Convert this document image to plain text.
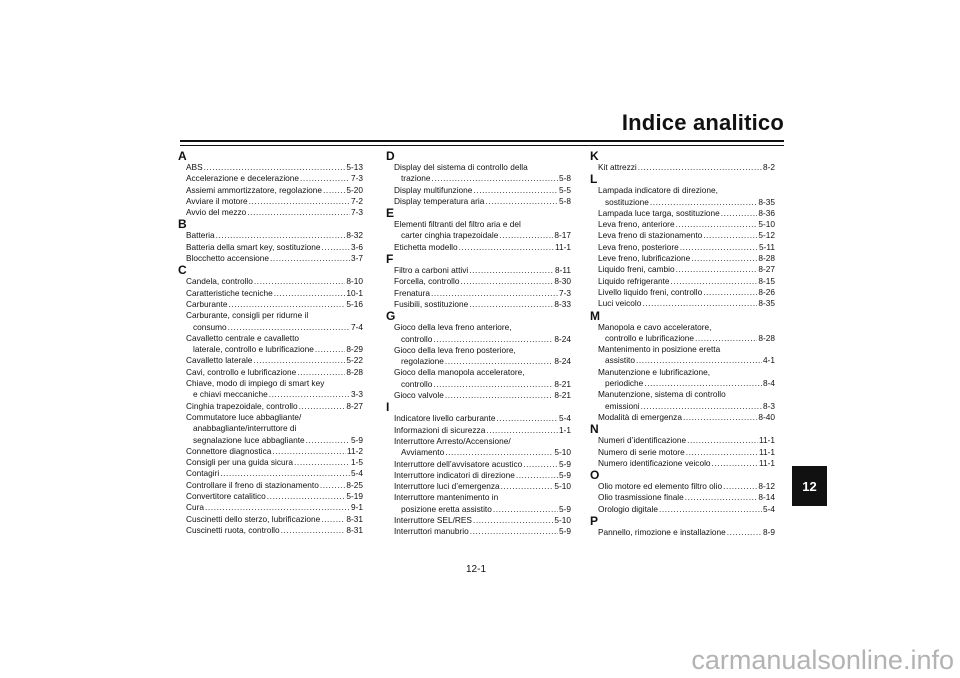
Indice analitico
A
ABS .....	5-13
Accelerazione e decelerazione .....	7-3
Assiemi ammortizzatore, regolazione .....	5-20
Avviare il motore .....	7-2
Avvio del mezzo .....	7-3
B
Batteria .....	8-32
Batteria della smart key, sostituzione .....	3-6
Blocchetto accensione .....	3-7
C
Candela, controllo .....	8-10
Caratteristiche tecniche .....	10-1
Carburante .....	5-16
Carburante, consigli per ridurne il
consumo .....	7-4
Cavalletto centrale e cavalletto
laterale, controllo e lubrificazione .....	8-29
Cavalletto laterale .....	5-22
Cavi, controllo e lubrificazione .....	8-28
Chiave, modo di impiego di smart key
e chiavi meccaniche .....	3-3
Cinghia trapezoidale, controllo .....	8-27
Commutatore luce abbagliante/
anabbagliante/interruttore di
segnalazione luce abbagliante .....	5-9
Connettore diagnostica .....	11-2
Consigli per una guida sicura .....	1-5
Contagiri .....	5-4
Controllare il freno di stazionamento .....	8-25
Convertitore catalitico .....	5-19
Cura .....	9-1
Cuscinetti dello sterzo, lubrificazione .....	8-31
Cuscinetti ruota, controllo .....	8-31
D
Display del sistema di controllo della
trazione .....	5-8
Display multifunzione .....	5-5
Display temperatura aria .....	5-8
E
Elementi filtranti del filtro aria e del
carter cinghia trapezoidale .....	8-17
Etichetta modello .....	11-1
F
Filtro a carboni attivi .....	8-11
Forcella, controllo .....	8-30
Frenatura .....	7-3
Fusibili, sostituzione .....	8-33
G
Gioco della leva freno anteriore,
controllo .....	8-24
Gioco della leva freno posteriore,
regolazione .....	8-24
Gioco della manopola acceleratore,
controllo .....	8-21
Gioco valvole .....	8-21
I
Indicatore livello carburante .....	5-4
Informazioni di sicurezza .....	1-1
Interruttore Arresto/Accensione/
Avviamento .....	5-10
Interruttore dell’avvisatore acustico .....	5-9
Interruttore indicatori di direzione .....	5-9
Interruttore luci d’emergenza .....	5-10
Interruttore mantenimento in
posizione eretta assistito .....	5-9
Interruttore SEL/RES .....	5-10
Interruttori manubrio .....	5-9
K
Kit attrezzi .....	8-2
L
Lampada indicatore di direzione,
sostituzione .....	8-35
Lampada luce targa, sostituzione .....	8-36
Leva freno, anteriore .....	5-10
Leva freno di stazionamento .....	5-12
Leva freno, posteriore .....	5-11
Leve freno, lubrificazione .....	8-28
Liquido freni, cambio .....	8-27
Liquido refrigerante .....	8-15
Livello liquido freni, controllo .....	8-26
Luci veicolo .....	8-35
M
Manopola e cavo acceleratore,
controllo e lubrificazione .....	8-28
Mantenimento in posizione eretta
assistito .....	4-1
Manutenzione e lubrificazione,
periodiche .....	8-4
Manutenzione, sistema di controllo
emissioni .....	8-3
Modalità di emergenza .....	8-40
N
Numeri d’identificazione .....	11-1
Numero di serie motore .....	11-1
Numero identificazione veicolo .....	11-1
O
Olio motore ed elemento filtro olio .....	8-12
Olio trasmissione finale .....	8-14
Orologio digitale .....	5-4
P
Pannello, rimozione e installazione .....	8-9
12-1
12
carmanualsonline.info
